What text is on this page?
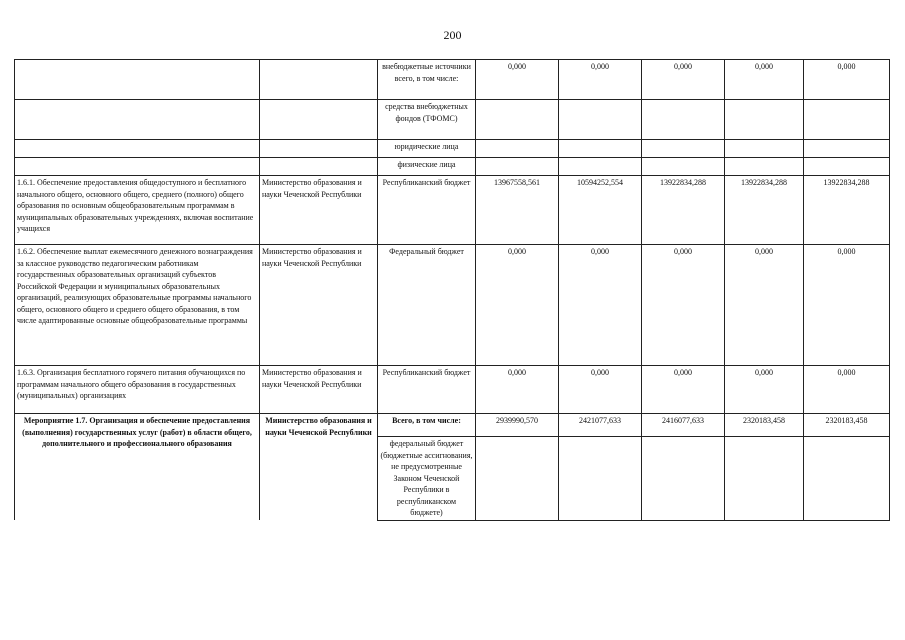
200
		внебюджетные источники всего, в том числе:	0,000	0,000	0,000	0,000	0,000
		средства внебюджетных фондов (ТФОМС)					
		юридические лица					
		физические лица					
1.6.1. Обеспечение предоставления общедоступного и бесплатного начального общего, основного общего, среднего (полного) общего образования по основным общеобразовательным программам в муниципальных образовательных учреждениях, включая воспитание учащихся	Министерство образования и науки Чеченской Республики	Республиканский бюджет	13967558,561	10594252,554	13922834,288	13922834,288	13922834,288
1.6.2. Обеспечение выплат ежемесячного денежного вознаграждения за классное руководство педагогическим работникам государственных образовательных организаций субъектов Российской Федерации и муниципальных образовательных организаций, реализующих образовательные программы начального общего, основного общего и среднего общего образования, в том числе адаптированные основные общеобразовательные программы	Министерство образования и науки Чеченской Республики	Федеральный бюджет	0,000	0,000	0,000	0,000	0,000
1.6.3. Организация бесплатного горячего питания обучающихся по программам начального общего образования в государственных (муниципальных) организациях	Министерство образования и науки Чеченской Республики	Республиканский бюджет	0,000	0,000	0,000	0,000	0,000
Мероприятие 1.7. Организация и обеспечение предоставления (выполнения) государственных услуг (работ) в области общего, дополнительного и профессионального образования	Министерство образования и науки Чеченской Республики	Всего, в том числе:	2939990,570	2421077,633	2416077,633	2320183,458	2320183,458
		федеральный бюджет (бюджетные ассигнования, не предусмотренные Законом Чеченской Республики в республиканском бюджете)					
